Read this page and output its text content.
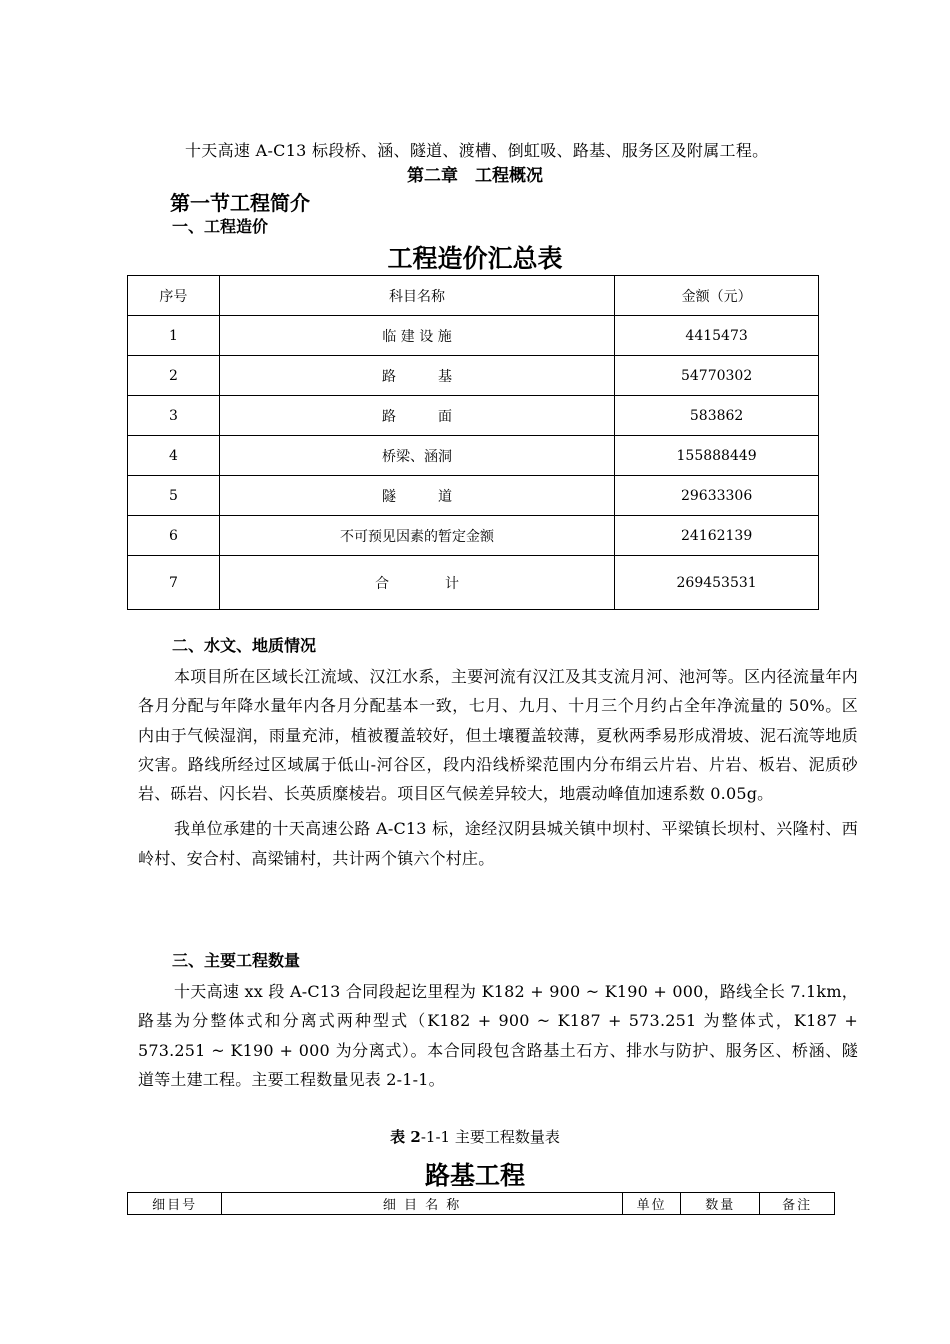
十天高速 A-C13 标段桥、涵、隧道、渡槽、倒虹吸、路基、服务区及附属工程。
第二章　工程概况
第一节工程简介
一、工程造价
工程造价汇总表
序号	科目名称	金额（元）
1	临 建 设 施	4415473
2	路　　　基	54770302
3	路　　　面	583862
4	桥梁、涵洞	155888449
5	隧　　　道	29633306
6	不可预见因素的暂定金额	24162139
7	合　　　　计	269453531
二、水文、地质情况

本项目所在区域长江流域、汉江水系，主要河流有汉江及其支流月河、池河等。区内径流量年内各月分配与年降水量年内各月分配基本一致，七月、九月、十月三个月约占全年净流量的 50%。区内由于气候湿润，雨量充沛，植被覆盖较好，但土壤覆盖较薄，夏秋两季易形成滑坡、泥石流等地质灾害。路线所经过区域属于低山-河谷区，段内沿线桥梁范围内分布绢云片岩、片岩、板岩、泥质砂岩、砾岩、闪长岩、长英质糜棱岩。项目区气候差异较大，地震动峰值加速系数 0.05g。

我单位承建的十天高速公路 A-C13 标，途经汉阴县城关镇中坝村、平梁镇长坝村、兴隆村、西岭村、安合村、高梁铺村，共计两个镇六个村庄。

三、主要工程数量

十天高速 xx 段 A-C13 合同段起讫里程为 K182 + 900 ~ K190 + 000，路线全长 7.1km，路基为分整体式和分离式两种型式（K182 + 900 ~ K187 + 573.251 为整体式，K187 + 573.251 ~ K190 + 000 为分离式）。本合同段包含路基土石方、排水与防护、服务区、桥涵、隧道等土建工程。主要工程数量见表 2-1-1。

表 2-1-1 主要工程数量表
路基工程
细目号	细 目 名 称	单位	数量	备注
